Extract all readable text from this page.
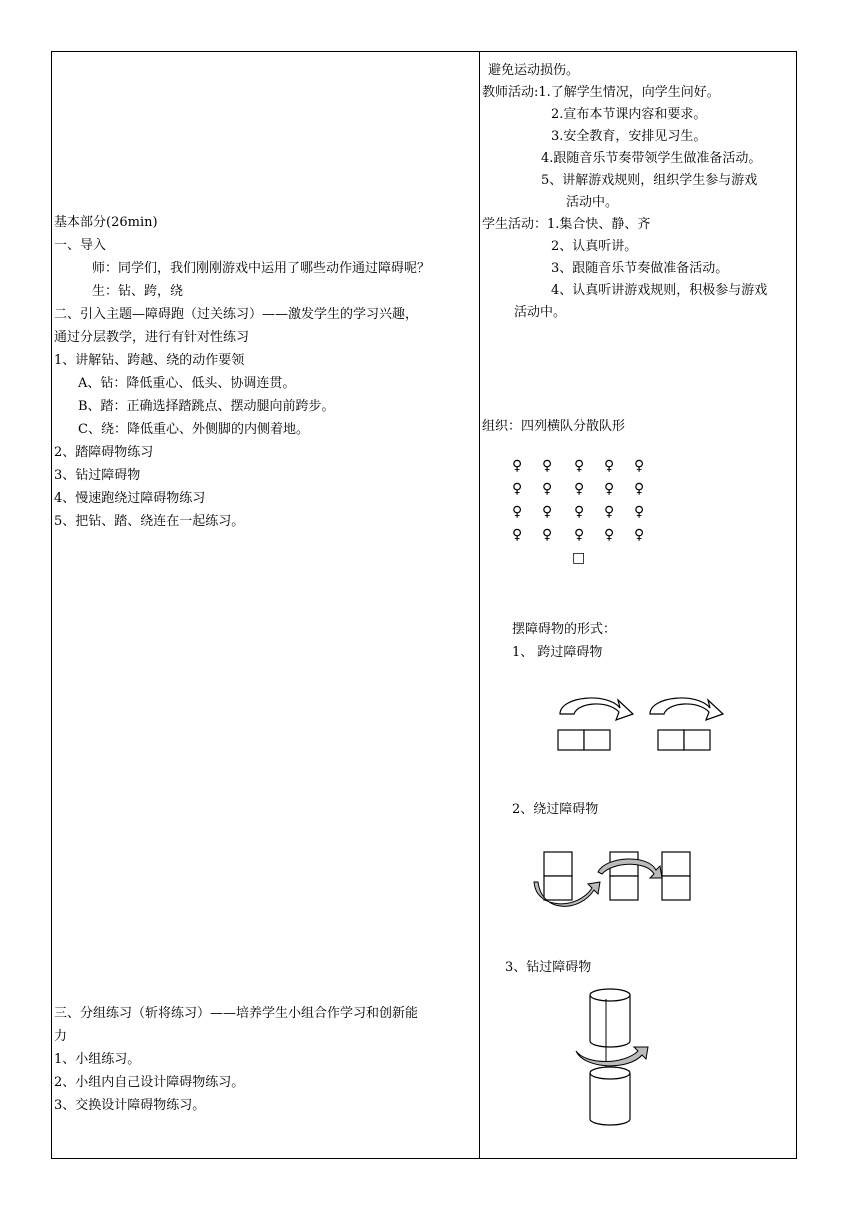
基本部分(26min)
一、导入
师：同学们，我们刚刚游戏中运用了哪些动作通过障碍呢？
生：钻、跨，绕
二、引入主题—障碍跑（过关练习）——激发学生的学习兴趣，
通过分层教学，进行有针对性练习
1、讲解钻、跨越、绕的动作要领
A、钻：降低重心、低头、协调连贯。
B、踏：正确选择踏跳点、摆动腿向前跨步。
C、绕：降低重心、外侧脚的内侧着地。
2、踏障碍物练习
3、钻过障碍物
4、慢速跑绕过障碍物练习
5、把钻、踏、绕连在一起练习。
三、分组练习（斩将练习）——培养学生小组合作学习和创新能
力
1、小组练习。
2、小组内自己设计障碍物练习。
3、交换设计障碍物练习。
避免运动损伤。
教师活动:1.了解学生情况，向学生问好。
2.宣布本节课内容和要求。
3.安全教育，安排见习生。
4.跟随音乐节奏带领学生做准备活动。
5、讲解游戏规则，组织学生参与游戏
活动中。
学生活动：1.集合快、静、齐
2、认真听讲。
3、跟随音乐节奏做准备活动。
4、认真听讲游戏规则，积极参与游戏
活动中。
组织：四列横队分散队形
♀ ♀ ♀ ♀ ♀
♀ ♀ ♀ ♀ ♀
♀ ♀ ♀ ♀ ♀
♀ ♀ ♀ ♀ ♀
□
摆障碍物的形式：
1、 跨过障碍物
2、绕过障碍物
3、钻过障碍物
